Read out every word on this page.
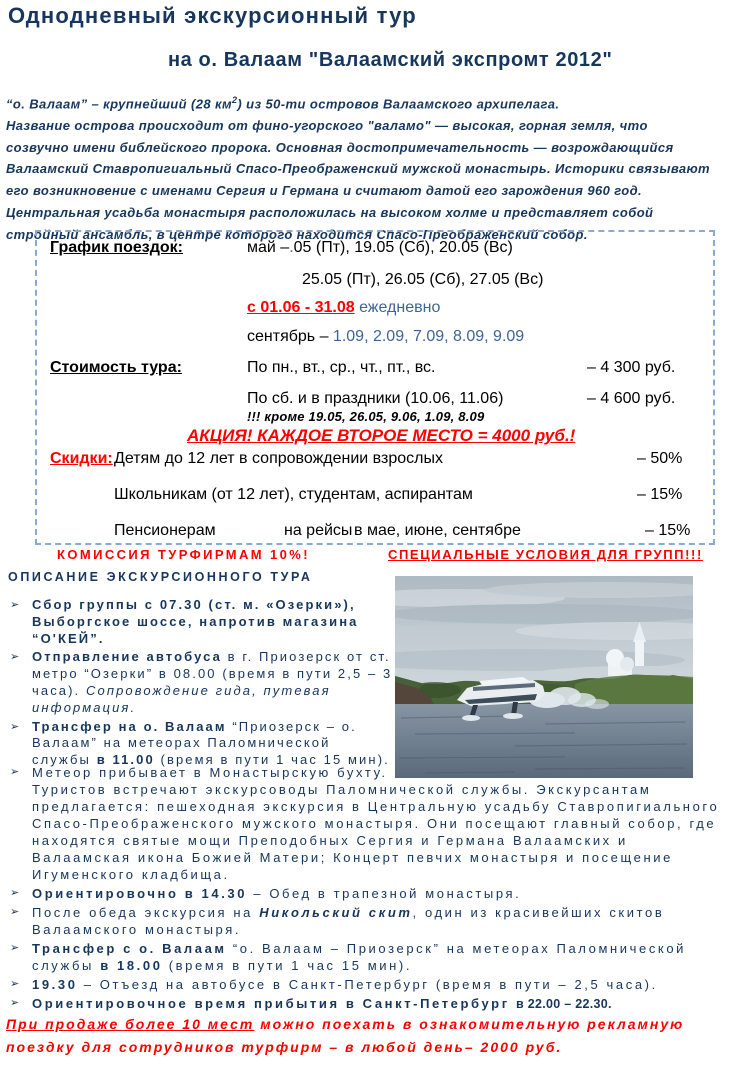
Однодневный экскурсионный тур
на о. Валаам "Валаамский экспромт 2012"
“о. Валаам” – крупнейший (28 $км^2$) из 50-ти островов Валаамского архипелага.
Название острова происходит от фино-угорского "валамо" — высокая, горная земля, что созвучно имени библейского пророка. Основная достопримечательность — возрождающийся Валаамский Ставропигиальный Спасо-Преображенский мужской монастырь. Историки связывают его возникновение с именами Сергия и Германа и считают датой его зарождения 960 год. Центральная усадьба монастыря расположилась на высоком холме и представляет собой стройный ансамбль, в центре которого находится Спасо-Преображенский собор.
График поездок:	май –.05 (Пт), 19.05 (Сб), 20.05 (Вс)
25.05 (Пт), 26.05 (Сб), 27.05 (Вс)
с 01.06 - 31.08 ежедневно
сентябрь – 1.09, 2.09, 7.09, 8.09, 9.09
Стоимость тура:	По пн., вт., ср., чт., пт., вс.	– 4 300 руб.
По сб. и в праздники (10.06, 11.06)	– 4 600 руб.
!!! кроме 19.05, 26.05, 9.06, 1.09, 8.09
АКЦИЯ! КАЖДОЕ ВТОРОЕ МЕСТО = 4000 руб.!
Скидки: Детям до 12 лет в сопровождении взрослых	– 50%
Школьникам (от 12 лет), студентам, аспирантам	– 15%
Пенсионерам	на рейсы в мае, июне, сентябре	– 15%
КОМИССИЯ ТУРФИРМАМ 10%!	СПЕЦИАЛЬНЫЕ УСЛОВИЯ ДЛЯ ГРУПП!!!
ОПИСАНИЕ ЭКСКУРСИОННОГО ТУРА
➢ Сбор группы с 07.30 (ст. м. «Озерки»), Выборгское шоссе, напротив магазина “О'КЕЙ”.
➢ Отправление автобуса в г. Приозерск от ст. метро “Озерки” в 08.00 (время в пути 2,5 – 3 часа). Сопровождение гида, путевая информация.
➢ Трансфер на о. Валаам “Приозерск – о. Валаам” на метеорах Паломнической службы в 11.00 (время в пути 1 час 15 мин).
➢ Метеор прибывает в Монастырскую бухту.
Туристов встречают экскурсоводы Паломнической службы. Экскурсантам предлагается: пешеходная экскурсия в Центральную усадьбу Ставропигиального Спасо-Преображенского мужского монастыря. Они посещают главный собор, где находятся святые мощи Преподобных Сергия и Германа Валаамских и Валаамская икона Божией Матери; Концерт певчих монастыря и посещение Игуменского кладбища.
➢ Ориентировочно в 14.30 – Обед в трапезной монастыря.
➢ После обеда экскурсия на Никольский скит, один из красивейших скитов Валаамского монастыря.
➢ Трансфер с о. Валаам “о. Валаам – Приозерск” на метеорах Паломнической службы в 18.00 (время в пути 1 час 15 мин).
➢ 19.30 – Отъезд на автобусе в Санкт-Петербург (время в пути – 2,5 часа).
➢ Ориентировочное время прибытия в Санкт-Петербург в 22.00 – 22.30.
При продаже более 10 мест можно поехать в ознакомительную рекламную поездку для сотрудников турфирм – в любой день– 2000 руб.
